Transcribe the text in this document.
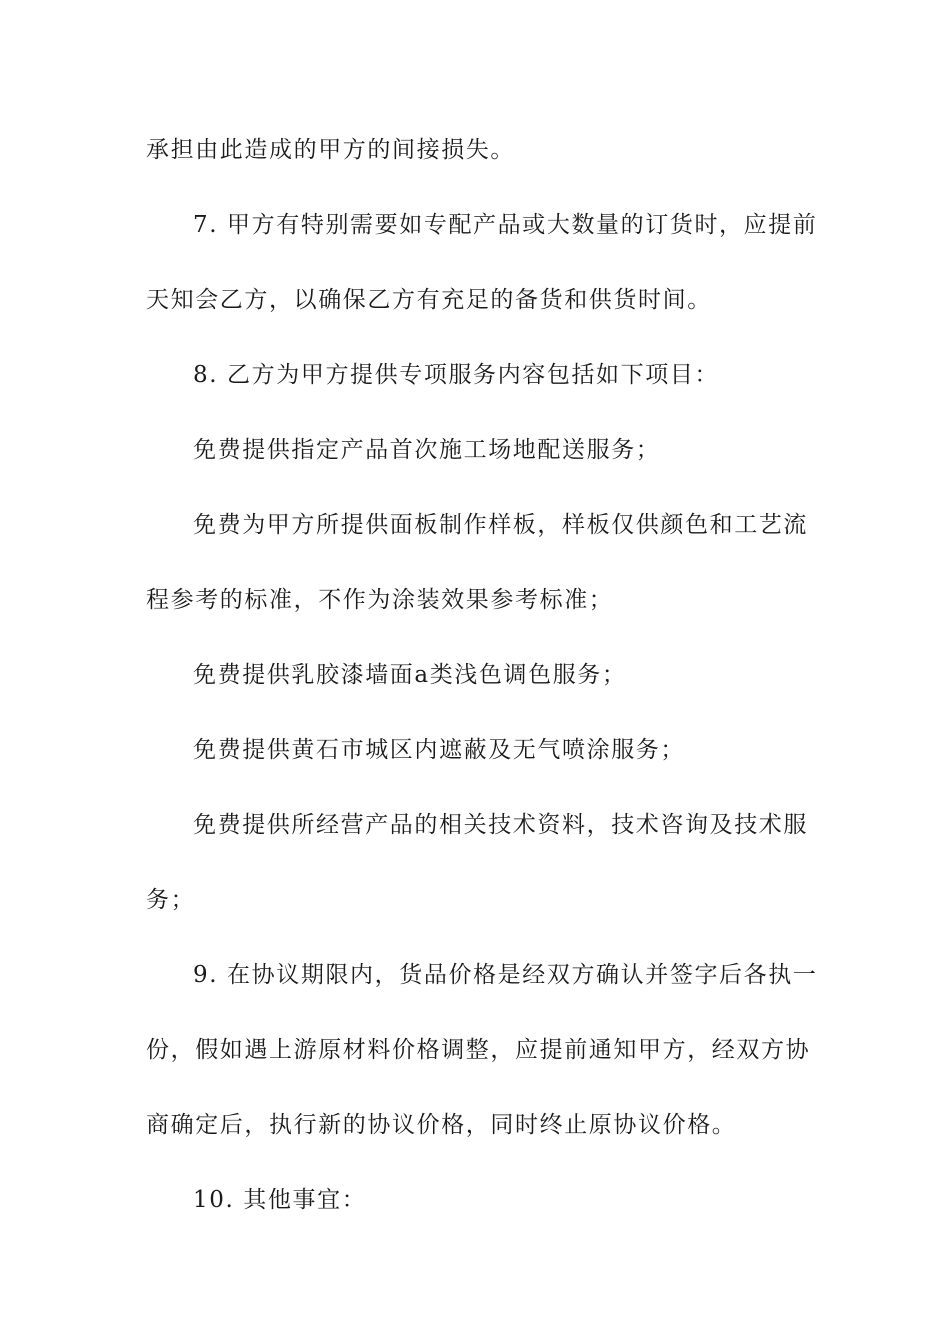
承担由此造成的甲方的间接损失。
7. 甲方有特别需要如专配产品或大数量的订货时，应提前
天知会乙方，以确保乙方有充足的备货和供货时间。
8. 乙方为甲方提供专项服务内容包括如下项目：
免费提供指定产品首次施工场地配送服务；
免费为甲方所提供面板制作样板，样板仅供颜色和工艺流
程参考的标准，不作为涂装效果参考标准；
免费提供乳胶漆墙面a类浅色调色服务；
免费提供黄石市城区内遮蔽及无气喷涂服务；
免费提供所经营产品的相关技术资料，技术咨询及技术服
务；
9. 在协议期限内，货品价格是经双方确认并签字后各执一
份，假如遇上游原材料价格调整，应提前通知甲方，经双方协
商确定后，执行新的协议价格，同时终止原协议价格。
10. 其他事宜：
